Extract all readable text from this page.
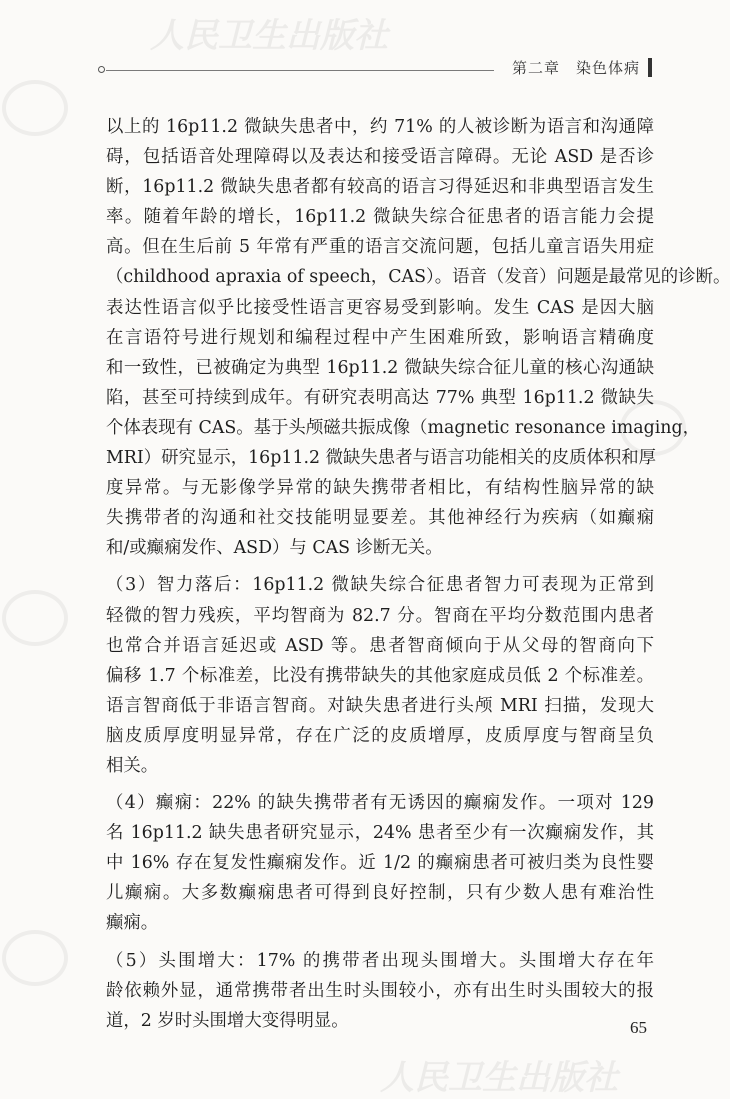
人民卫生出版社
人民卫生出版社
第二章　染色体病
以上的 16p11.2 微缺失患者中，约 71% 的人被诊断为语言和沟通障
碍，包括语音处理障碍以及表达和接受语言障碍。无论 ASD 是否诊
断，16p11.2 微缺失患者都有较高的语言习得延迟和非典型语言发生
率。随着年龄的增长，16p11.2 微缺失综合征患者的语言能力会提
高。但在生后前 5 年常有严重的语言交流问题，包括儿童言语失用症
（childhood apraxia of speech，CAS）。语音（发音）问题是最常见的诊断。
表达性语言似乎比接受性语言更容易受到影响。发生 CAS 是因大脑
在言语符号进行规划和编程过程中产生困难所致，影响语言精确度
和一致性，已被确定为典型 16p11.2 微缺失综合征儿童的核心沟通缺
陷，甚至可持续到成年。有研究表明高达 77% 典型 16p11.2 微缺失
个体表现有 CAS。基于头颅磁共振成像（magnetic resonance imaging，
MRI）研究显示，16p11.2 微缺失患者与语言功能相关的皮质体积和厚
度异常。与无影像学异常的缺失携带者相比，有结构性脑异常的缺
失携带者的沟通和社交技能明显要差。其他神经行为疾病（如癫痫
和/或癫痫发作、ASD）与 CAS 诊断无关。
（3）智力落后：16p11.2 微缺失综合征患者智力可表现为正常到
轻微的智力残疾，平均智商为 82.7 分。智商在平均分数范围内患者
也常合并语言延迟或 ASD 等。患者智商倾向于从父母的智商向下
偏移 1.7 个标准差，比没有携带缺失的其他家庭成员低 2 个标准差。
语言智商低于非语言智商。对缺失患者进行头颅 MRI 扫描，发现大
脑皮质厚度明显异常，存在广泛的皮质增厚，皮质厚度与智商呈负
相关。
（4）癫痫：22% 的缺失携带者有无诱因的癫痫发作。一项对 129
名 16p11.2 缺失患者研究显示，24% 患者至少有一次癫痫发作，其
中 16% 存在复发性癫痫发作。近 1/2 的癫痫患者可被归类为良性婴
儿癫痫。大多数癫痫患者可得到良好控制，只有少数人患有难治性
癫痫。
（5）头围增大：17% 的携带者出现头围增大。头围增大存在年
龄依赖外显，通常携带者出生时头围较小，亦有出生时头围较大的报
道，2 岁时头围增大变得明显。	65
